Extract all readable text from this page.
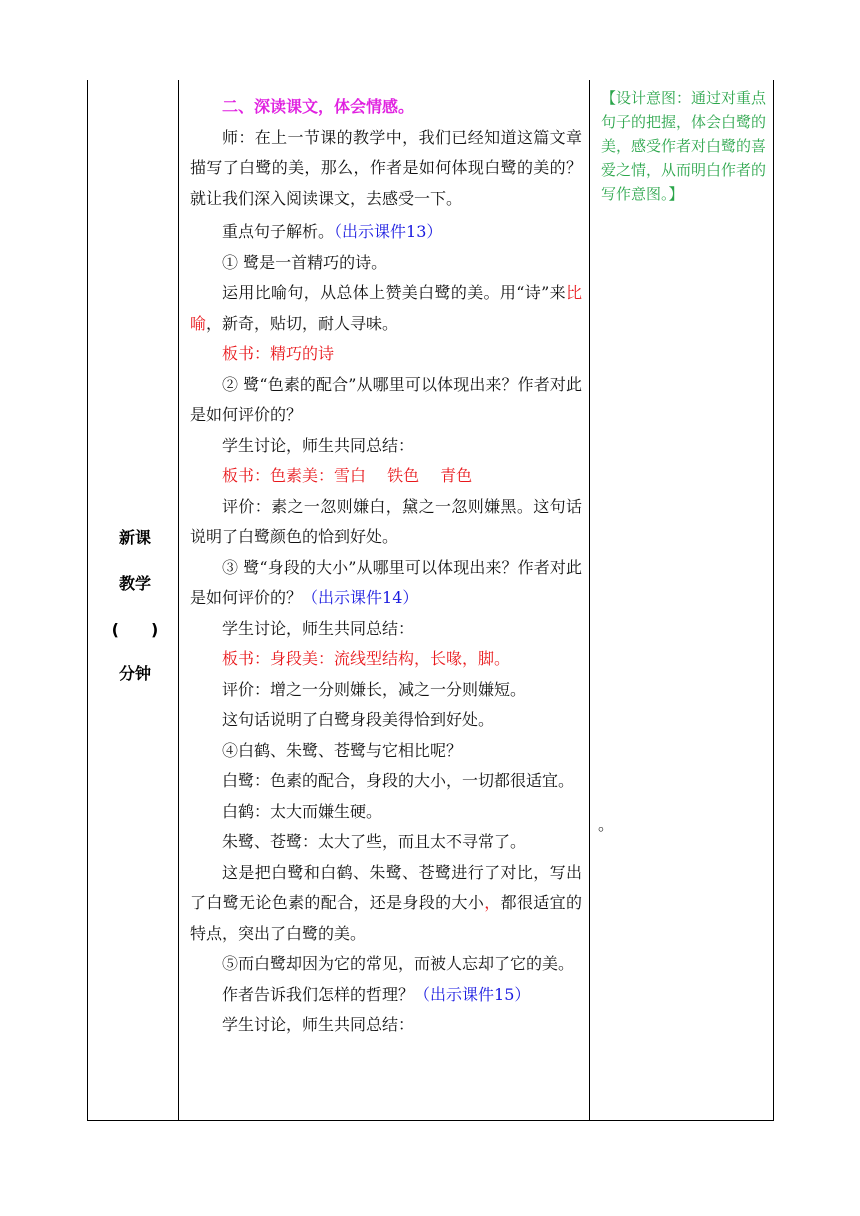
新课
教学
(　　)
分钟

二、深读课文，体会情感。

师：在上一节课的教学中，我们已经知道这篇文章描写了白鹭的美，那么，作者是如何体现白鹭的美的？就让我们深入阅读课文，去感受一下。

重点句子解析。（出示课件13）

① 鹭是一首精巧的诗。

运用比喻句，从总体上赞美白鹭的美。用“诗”来比喻，新奇，贴切，耐人寻味。

板书：精巧的诗

② 鹭“色素的配合”从哪里可以体现出来？作者对此是如何评价的？

学生讨论，师生共同总结：

板书：色素美：雪白　 铁色　 青色

评价：素之一忽则嫌白，黛之一忽则嫌黑。这句话说明了白鹭颜色的恰到好处。

③ 鹭“身段的大小”从哪里可以体现出来？作者对此是如何评价的？（出示课件14）

学生讨论，师生共同总结：

板书：身段美：流线型结构，长喙，脚。

评价：增之一分则嫌长，减之一分则嫌短。

这句话说明了白鹭身段美得恰到好处。

④白鹤、朱鹭、苍鹭与它相比呢？

白鹭：色素的配合，身段的大小，一切都很适宜。

白鹤：太大而嫌生硬。

朱鹭、苍鹭：太大了些，而且太不寻常了。

这是把白鹭和白鹤、朱鹭、苍鹭进行了对比，写出了白鹭无论色素的配合，还是身段的大小，都很适宜的特点，突出了白鹭的美。

⑤而白鹭却因为它的常见，而被人忘却了它的美。

作者告诉我们怎样的哲理？（出示课件15）

学生讨论，师生共同总结：

【设计意图：通过对重点句子的把握，体会白鹭的美，感受作者对白鹭的喜爱之情，从而明白作者的写作意图。】
。
